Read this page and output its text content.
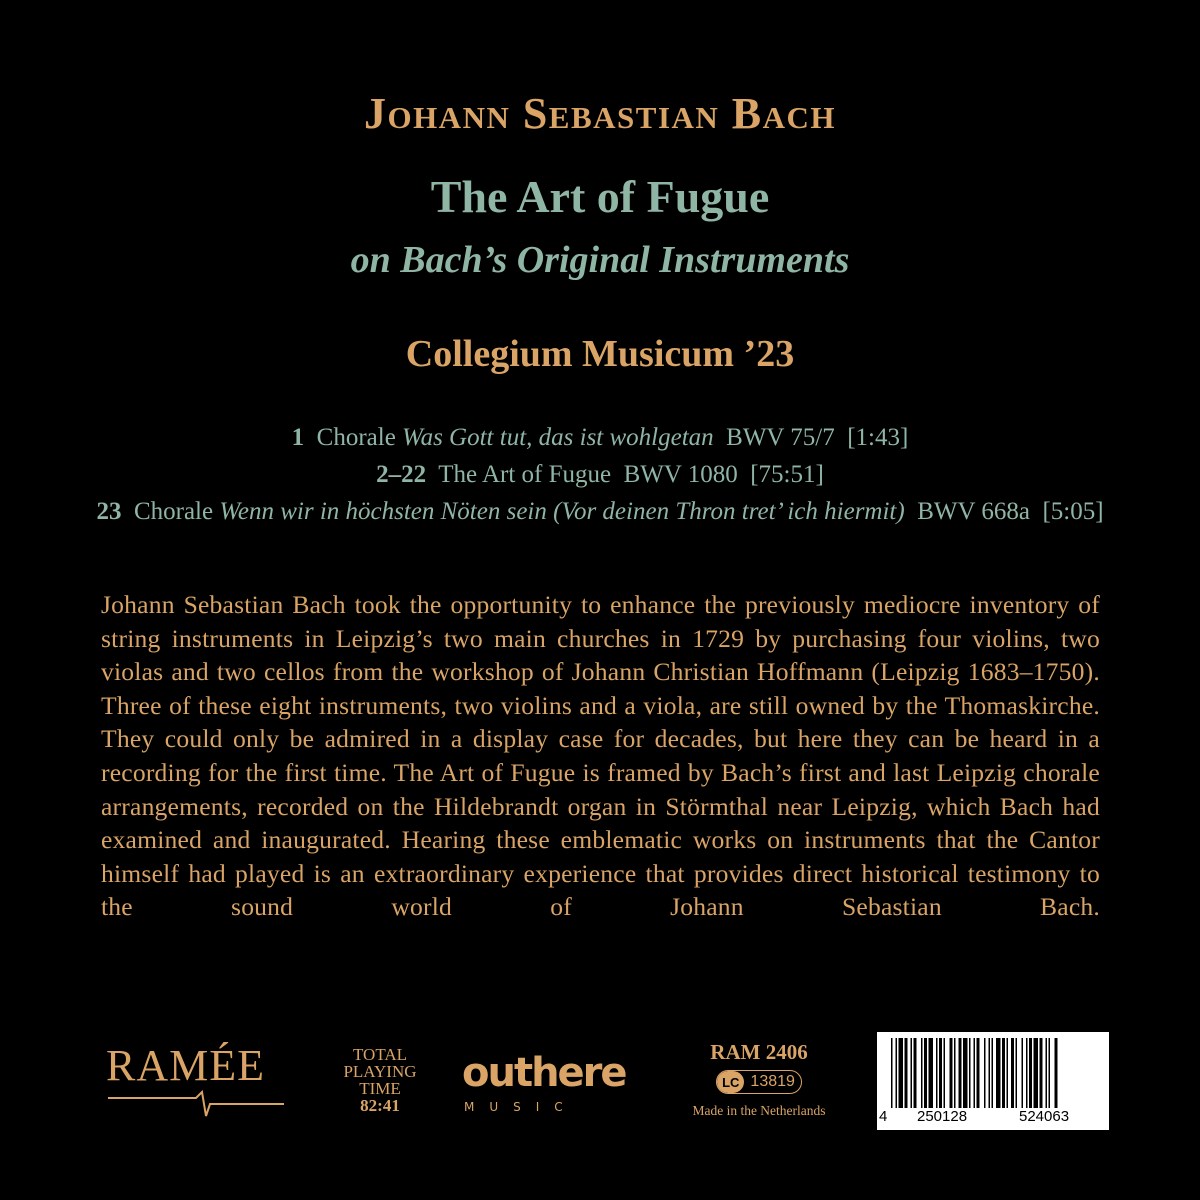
Johann Sebastian Bach
The Art of Fugue
on Bach’s Original Instruments
Collegium Musicum ’23
1 Chorale Was Gott tut, das ist wohlgetan BWV 75/7 [1:43]
2–22 The Art of Fugue BWV 1080 [75:51]
23 Chorale Wenn wir in höchsten Nöten sein (Vor deinen Thron tret’ ich hiermit) BWV 668a [5:05]

Johann Sebastian Bach took the opportunity to enhance the previously mediocre inventory of string instruments in Leipzig’s two main churches in 1729 by purchasing four violins, two violas and two cellos from the workshop of Johann Christian Hoffmann (Leipzig 1683–1750). Three of these eight instruments, two violins and a viola, are still owned by the Thomaskirche. They could only be admired in a display case for decades, but here they can be heard in a recording for the first time. The Art of Fugue is framed by Bach’s first and last Leipzig chorale arrangements, recorded on the Hildebrandt organ in Störmthal near Leipzig, which Bach had examined and inaugurated. Hearing these emblematic works on instruments that the Cantor himself had played is an extraordinary experience that provides direct historical testimony to the sound world of Johann Sebastian Bach.

RAMÉE	TOTAL
PLAYING
TIME
82:41
outhere
MUSIC
RAM 2406
LC 13819
Made in the Netherlands	4 250128	524063
